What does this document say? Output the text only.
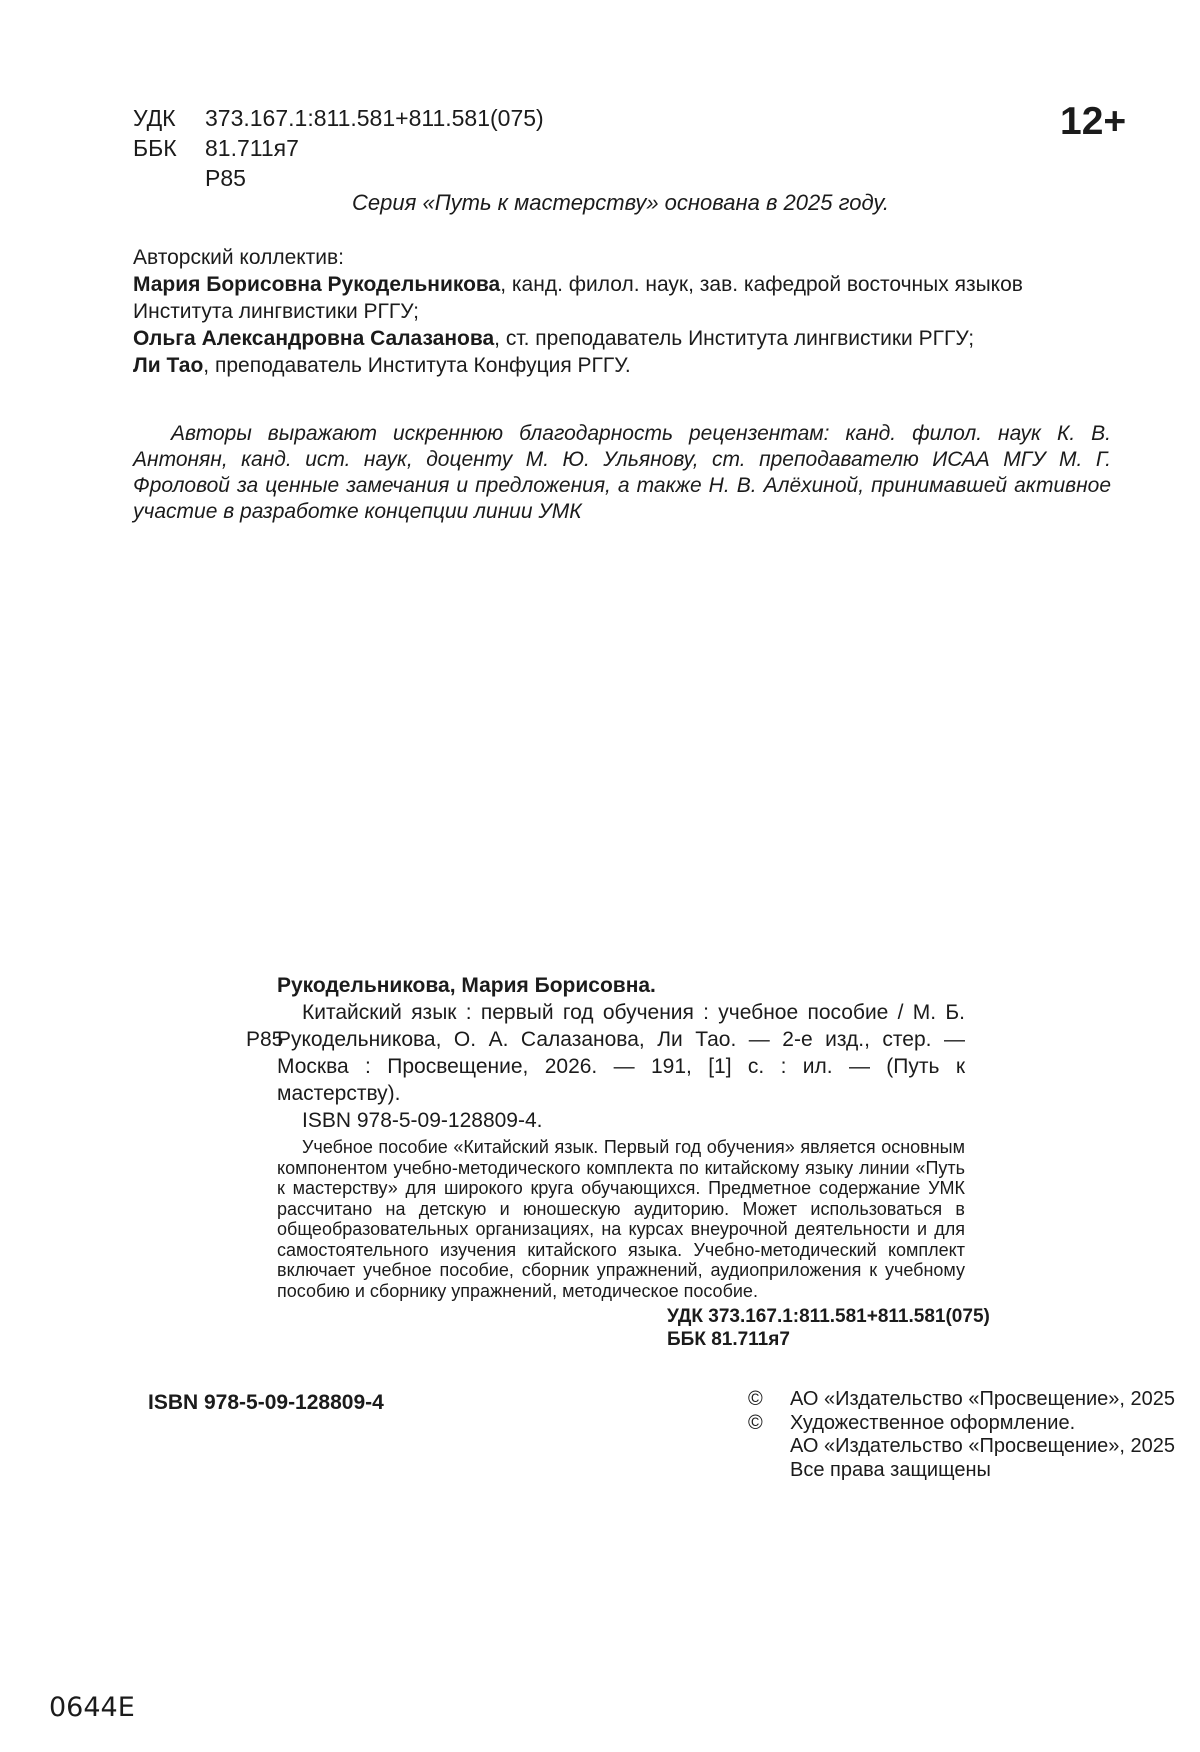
УДК	373.167.1:811.581+811.581(075)
ББК	81.711я7
Р85
12+
Серия «Путь к мастерству» основана в 2025 году.
Авторский коллектив:
Мария Борисовна Рукодельникова, канд. филол. наук, зав. кафедрой восточных языков Института лингвистики РГГУ;
Ольга Александровна Салазанова, ст. преподаватель Института лингвистики РГГУ;
Ли Тао, преподаватель Института Конфуция РГГУ.
Авторы выражают искреннюю благодарность рецензентам: канд. филол. наук К. В. Антонян, канд. ист. наук, доценту М. Ю. Ульянову, ст. преподавателю ИСАА МГУ М. Г. Фроловой за ценные замечания и предложения, а также Н. В. Алёхиной, принимавшей активное участие в разработке концепции линии УМК
Рукодельникова, Мария Борисовна.
Р85
Китайский язык : первый год обучения : учебное пособие / М. Б. Рукодельникова, О. А. Салазанова, Ли Тао. — 2-е изд., стер. — Москва : Просвещение, 2026. — 191, [1] с. : ил. — (Путь к мастерству).
ISBN 978-5-09-128809-4.
Учебное пособие «Китайский язык. Первый год обучения» является основным компонентом учебно-методического комплекта по китайскому языку линии «Путь к мастерству» для широкого круга обучающихся. Предметное содержание УМК рассчитано на детскую и юношескую аудиторию. Может использоваться в общеобразовательных организациях, на курсах внеурочной деятельности и для самостоятельного изучения китайского языка. Учебно-методический комплект включает учебное пособие, сборник упражнений, аудиоприложения к учебному пособию и сборнику упражнений, методическое пособие.
УДК 373.167.1:811.581+811.581(075)
ББК 81.711я7
ISBN 978-5-09-128809-4	©	АО «Издательство «Просвещение», 2025
©	Художественное оформление.
АО «Издательство «Просвещение», 2025
Все права защищены
0644E
